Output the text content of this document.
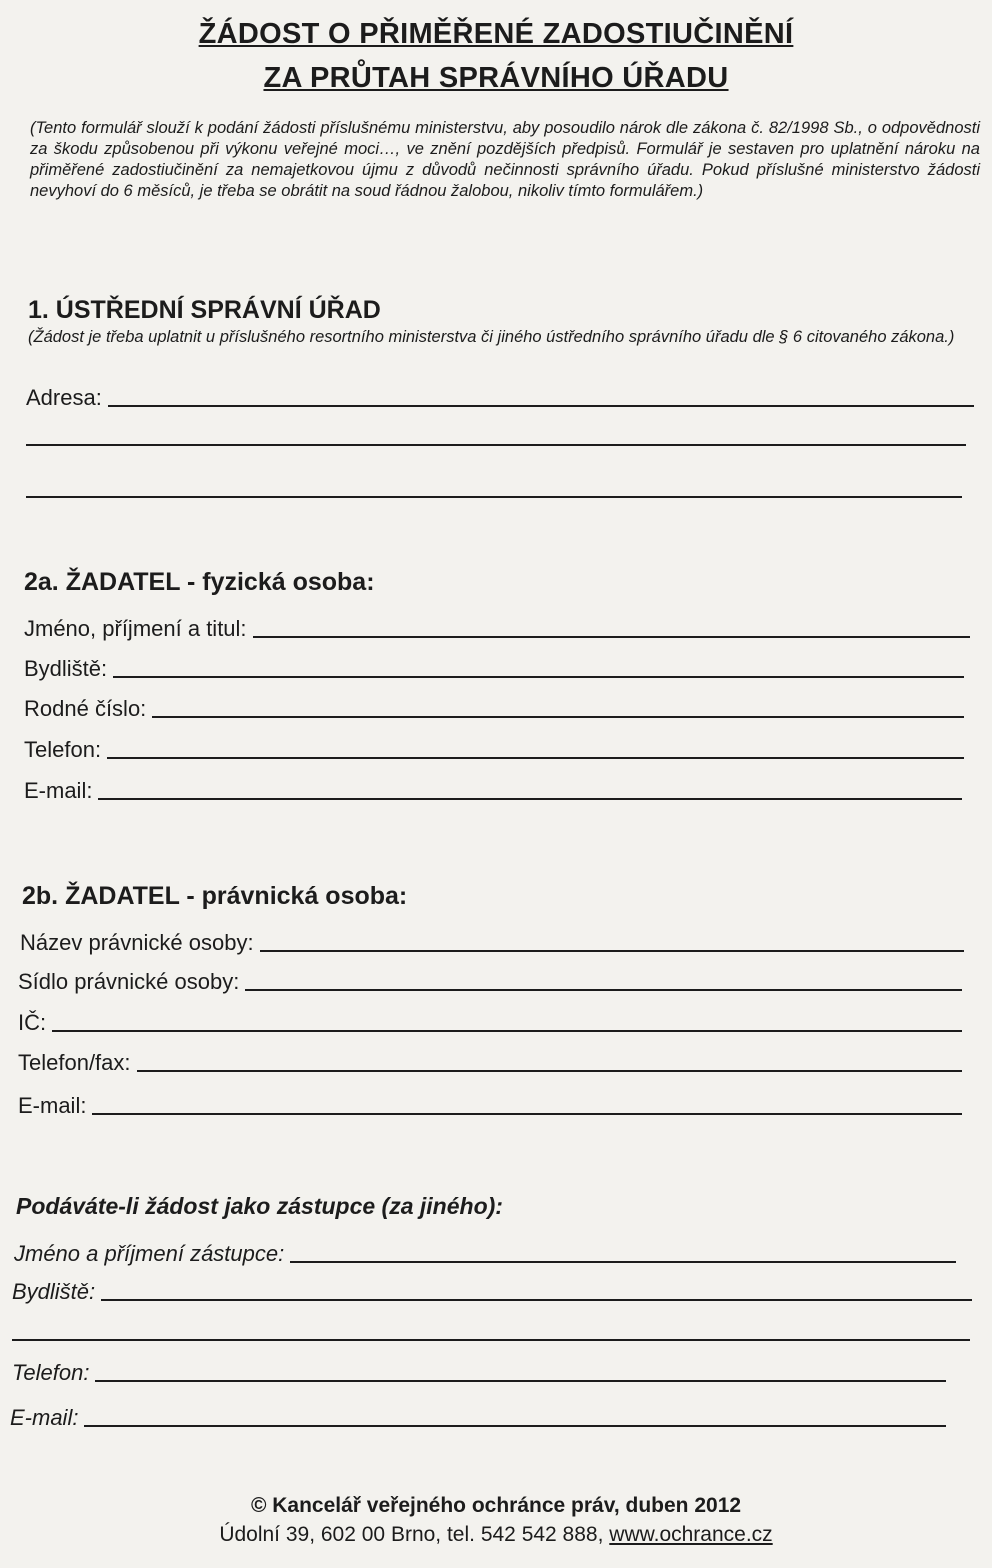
ŽÁDOST O PŘIMĚŘENÉ ZADOSTIUČINĚNÍ
ZA PRŮTAH SPRÁVNÍHO ÚŘADU
(Tento formulář slouží k podání žádosti příslušnému ministerstvu, aby posoudilo nárok dle zákona č. 82/1998 Sb., o odpovědnosti za škodu způsobenou při výkonu veřejné moci…, ve znění pozdějších předpisů. Formulář je sestaven pro uplatnění nároku na přiměřené zadostiučinění za nemajetkovou újmu z důvodů nečinnosti správního úřadu. Pokud příslušné ministerstvo žádosti nevyhoví do 6 měsíců, je třeba se obrátit na soud řádnou žalobou, nikoliv tímto formulářem.)
1. ÚSTŘEDNÍ SPRÁVNÍ ÚŘAD
(Žádost je třeba uplatnit u příslušného resortního ministerstva či jiného ústředního správního úřadu dle § 6 citovaného zákona.)
Adresa:
2a. ŽADATEL - fyzická osoba:
Jméno, příjmení a titul:
Bydliště:
Rodné číslo:
Telefon:
E-mail:
2b. ŽADATEL - právnická osoba:
Název právnické osoby:
Sídlo právnické osoby:
IČ:
Telefon/fax:
E-mail:
Podáváte-li žádost jako zástupce (za jiného):
Jméno a příjmení zástupce:
Bydliště:
Telefon:
E-mail:
© Kancelář veřejného ochránce práv, duben 2012
Údolní 39, 602 00 Brno, tel. 542 542 888, www.ochrance.cz
